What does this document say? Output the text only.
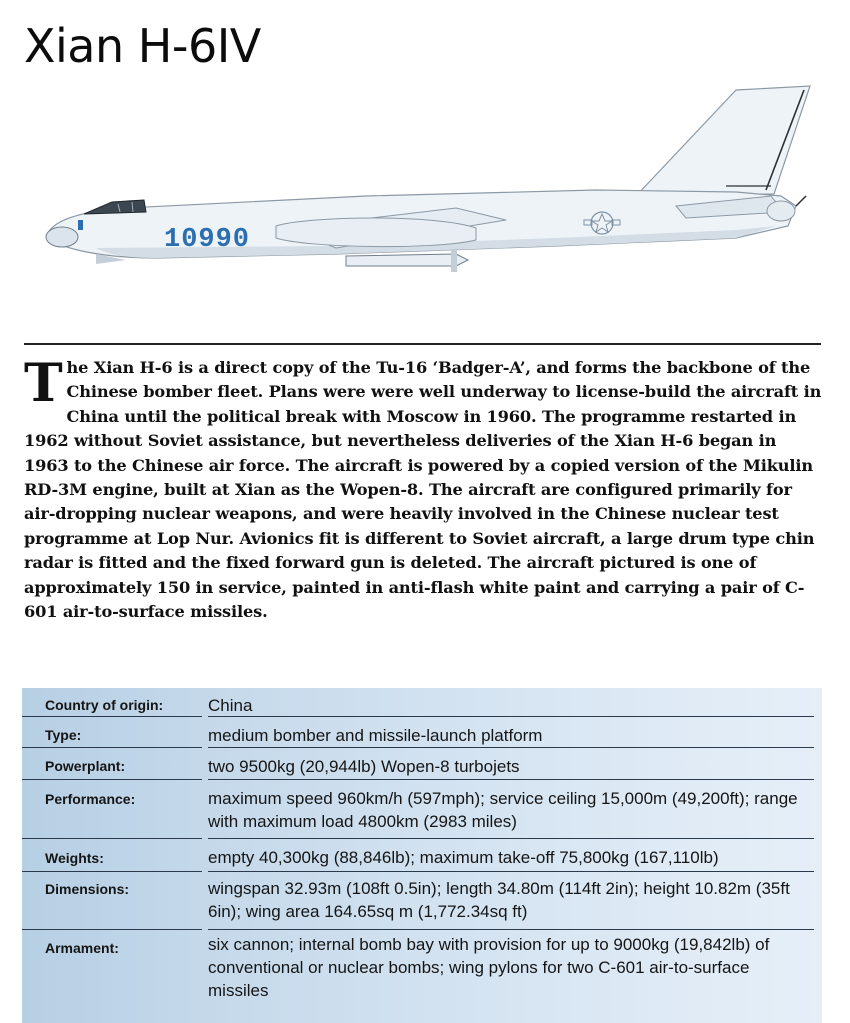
Xian H-6IV
10990
The Xian H-6 is a direct copy of the Tu-16 ‘Badger-A’, and forms the backbone of the Chinese bomber fleet. Plans were were well underway to license-build the aircraft in China until the political break with Moscow in 1960. The programme restarted in 1962 without Soviet assistance, but nevertheless deliveries of the Xian H-6 began in 1963 to the Chinese air force. The aircraft is powered by a copied version of the Mikulin RD-3M engine, built at Xian as the Wopen-8. The aircraft are configured primarily for air-dropping nuclear weapons, and were heavily involved in the Chinese nuclear test programme at Lop Nur. Avionics fit is different to Soviet aircraft, a large drum type chin radar is fitted and the fixed forward gun is deleted. The aircraft pictured is one of approximately 150 in service, painted in anti-flash white paint and carrying a pair of C-601 air-to-surface missiles.
Country of origin:	China
Type:	medium bomber and missile-launch platform
Powerplant:	two 9500kg (20,944lb) Wopen-8 turbojets
Performance:	maximum speed 960km/h (597mph); service ceiling 15,000m (49,200ft); range with maximum load 4800km (2983 miles)
Weights:	empty 40,300kg (88,846lb); maximum take-off 75,800kg (167,110lb)
Dimensions:	wingspan 32.93m (108ft 0.5in); length 34.80m (114ft 2in); height 10.82m (35ft 6in); wing area 164.65sq m (1,772.34sq ft)
Armament:	six cannon; internal bomb bay with provision for up to 9000kg (19,842lb) of conventional or nuclear bombs; wing pylons for two C-601 air-to-surface missiles
